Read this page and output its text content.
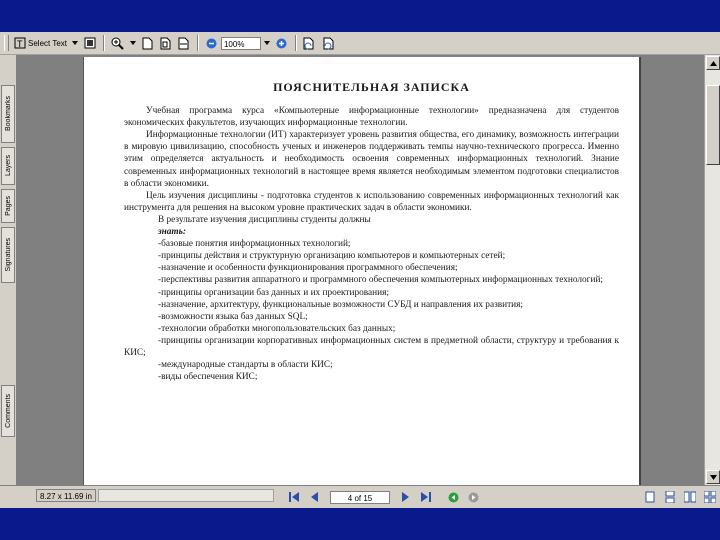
T Select Text	100%
Bookmarks
Layers
Pages
Signatures
Comments
ПОЯСНИТЕЛЬНАЯ ЗАПИСКА

Учебная программа курса «Компьютерные информационные технологии» предназначена для студентов экономических факультетов, изучающих информационные технологии.

Информационные технологии (ИТ) характеризует уровень развития общества, его динамику, возможность интеграции в мировую цивилизацию, способность ученых и инженеров поддерживать темпы научно-технического прогресса. Именно этим определяется актуальность и необходимость освоения современных информационных технологий. Знание современных информационных технологий в настоящее время является необходимым элементом подготовки специалистов в области экономики.

Цель изучения дисциплины - подготовка студентов к использованию современных информационных технологий как инструмента для решения на высоком уровне практических задач в области экономики.

В результате изучения дисциплины студенты должны

знать:

-базовые понятия информационных технологий;

-принципы действия и структурную организацию компьютеров и компьютерных сетей;

-назначение и особенности функционирования программного обеспечения;

-перспективы развития аппаратного и программного обеспечения компьютерных информационных технологий;

-принципы организации баз данных и их проектирования;

-назначение, архитектуру, функциональные возможности СУБД и направления их развития;

-возможности языка баз данных SQL;

-технологии обработки многопользовательских баз данных;

-принципы организации корпоративных информационных систем в предметной области, структуру и требования к КИС;

-международные стандарты в области КИС;

-виды обеспечения КИС;

8.27 x 11.69 in	4 of 15
